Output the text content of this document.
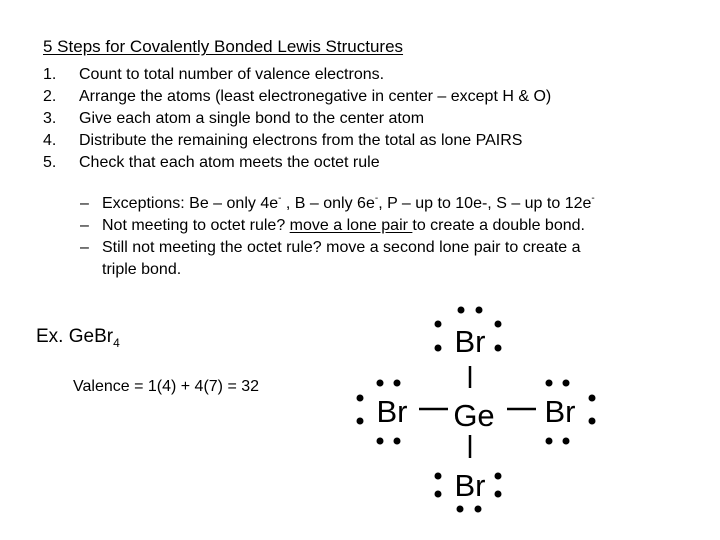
5 Steps for Covalently Bonded Lewis Structures
1. Count to total number of valence electrons.
2. Arrange the atoms (least electronegative in center – except H & O)
3. Give each atom a single bond to the center atom
4. Distribute the remaining electrons from the total as lone PAIRS
5. Check that each atom meets the octet rule
– Exceptions: Be – only 4e- , B – only 6e-, P – up to 10e-, S – up to 12e-
– Not meeting to octet rule? move a lone pair to create a double bond.
– Still not meeting the octet rule? move a second lone pair to create a
triple bond.
Ex. GeBr$_4$
Valence = 1(4) + 4(7) = 32
Br
Br Ge Br
Br
